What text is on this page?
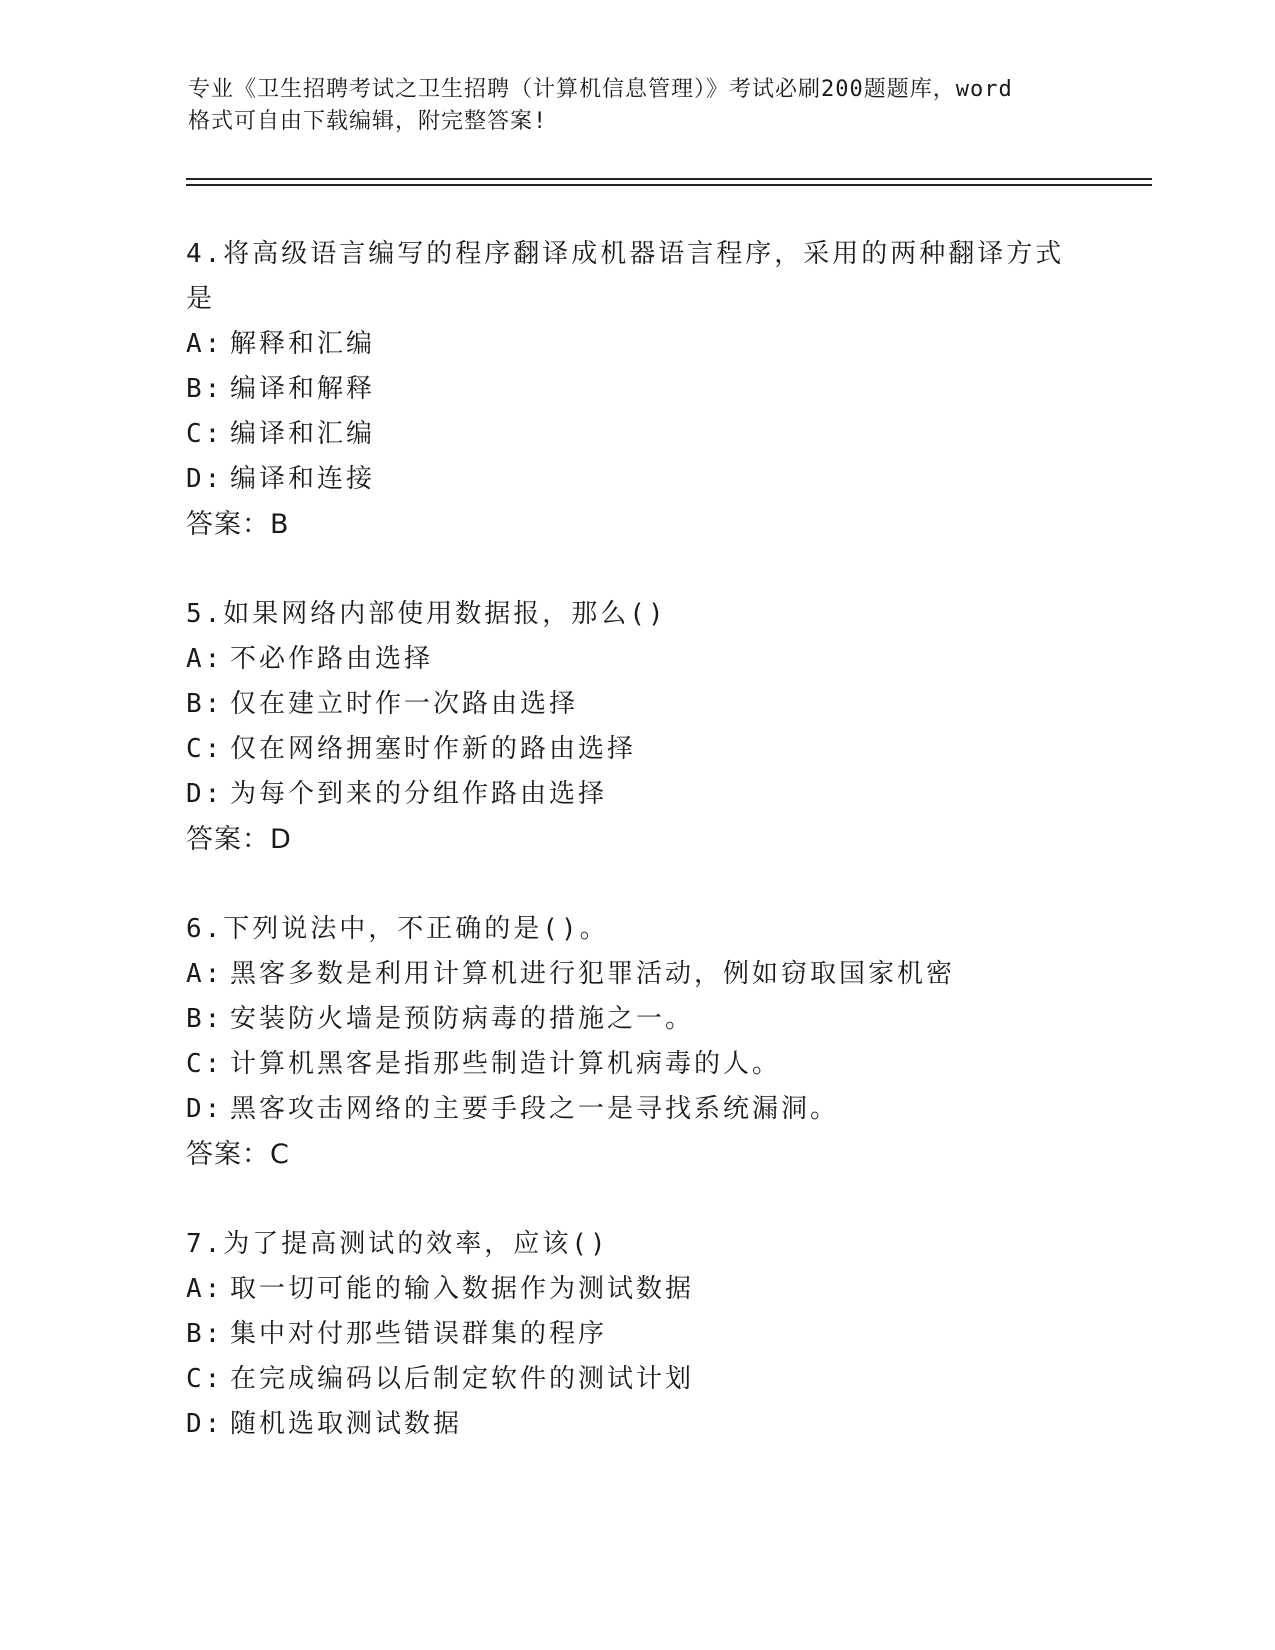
专业《卫生招聘考试之卫生招聘（计算机信息管理）》考试必刷200题题库，word
格式可自由下载编辑，附完整答案!
4.将高级语言编写的程序翻译成机器语言程序，采用的两种翻译方式
是
A: 解释和汇编
B: 编译和解释
C: 编译和汇编
D: 编译和连接
答案：B
5.如果网络内部使用数据报，那么()
A: 不必作路由选择
B: 仅在建立时作一次路由选择
C: 仅在网络拥塞时作新的路由选择
D: 为每个到来的分组作路由选择
答案：D
6.下列说法中，不正确的是()。
A: 黑客多数是利用计算机进行犯罪活动，例如窃取国家机密
B: 安装防火墙是预防病毒的措施之一。
C: 计算机黑客是指那些制造计算机病毒的人。
D: 黑客攻击网络的主要手段之一是寻找系统漏洞。
答案：C
7.为了提高测试的效率，应该()
A: 取一切可能的输入数据作为测试数据
B: 集中对付那些错误群集的程序
C: 在完成编码以后制定软件的测试计划
D: 随机选取测试数据
